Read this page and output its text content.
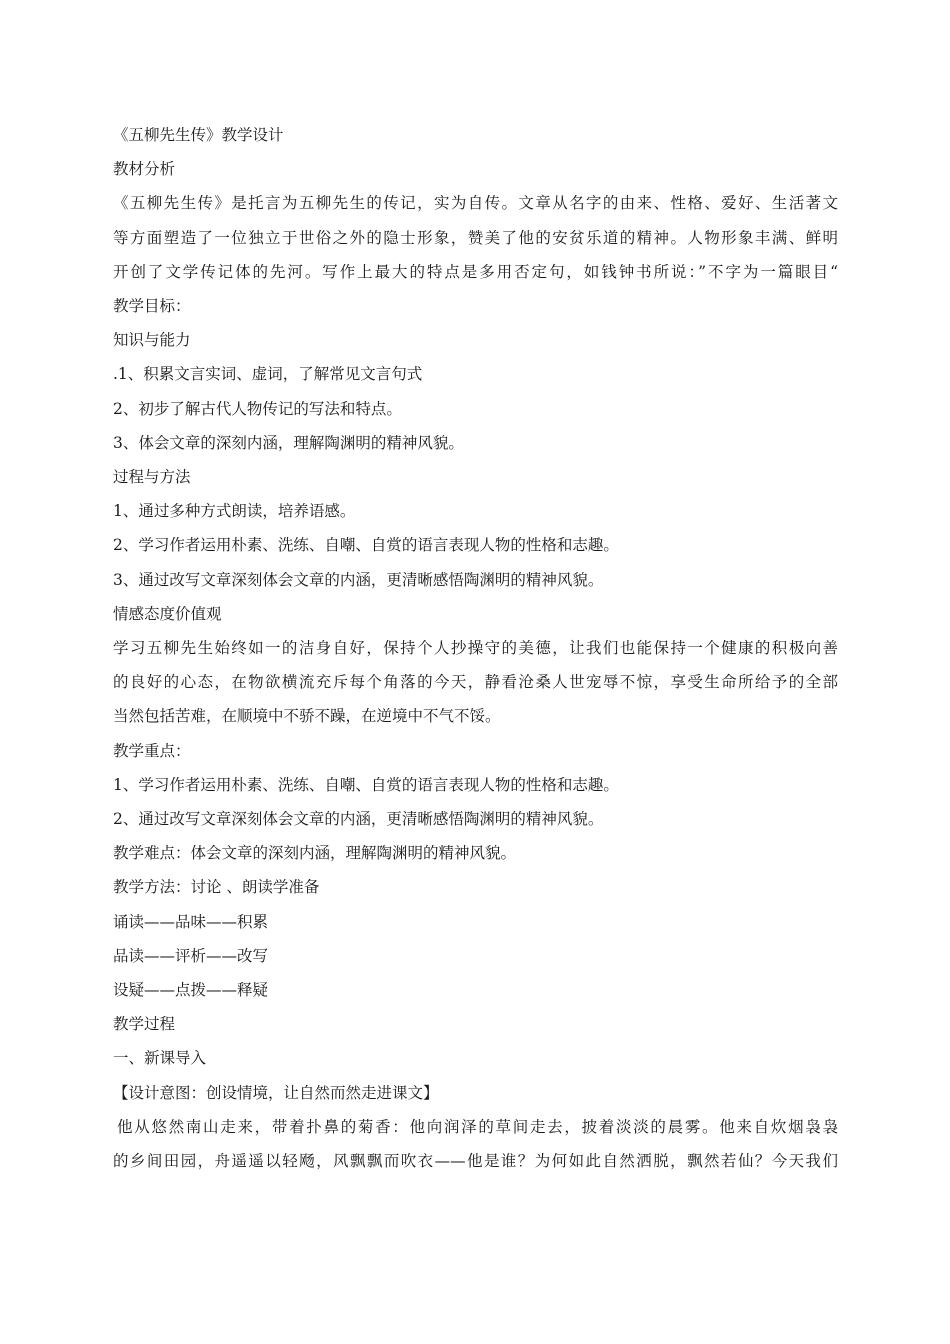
《五柳先生传》教学设计
教材分析
《五柳先生传》是托言为五柳先生的传记，实为自传。文章从名字的由来、性格、爱好、生活著文
等方面塑造了一位独立于世俗之外的隐士形象，赞美了他的安贫乐道的精神。人物形象丰满、鲜明
开创了文学传记体的先河。写作上最大的特点是多用否定句，如钱钟书所说：”不字为一篇眼目“
教学目标：
知识与能力
.1、积累文言实词、虚词，了解常见文言句式
2、初步了解古代人物传记的写法和特点。
3、体会文章的深刻内涵，理解陶渊明的精神风貌。
过程与方法
1、通过多种方式朗读，培养语感。
2、学习作者运用朴素、洗练、自嘲、自赏的语言表现人物的性格和志趣。
3、通过改写文章深刻体会文章的内涵，更清晰感悟陶渊明的精神风貌。
情感态度价值观
学习五柳先生始终如一的洁身自好，保持个人抄操守的美德，让我们也能保持一个健康的积极向善
的良好的心态，在物欲横流充斥每个角落的今天，静看沧桑人世宠辱不惊，享受生命所给予的全部
当然包括苦难，在顺境中不骄不躁，在逆境中不气不馁。
教学重点：
1、学习作者运用朴素、洗练、自嘲、自赏的语言表现人物的性格和志趣。
2、通过改写文章深刻体会文章的内涵，更清晰感悟陶渊明的精神风貌。
教学难点：体会文章的深刻内涵，理解陶渊明的精神风貌。
教学方法：讨论 、朗读学准备
诵读——品味——积累
品读——评析——改写
设疑——点拨——释疑
教学过程
一、新课导入
【设计意图：创设情境，让自然而然走进课文】
他从悠然南山走来，带着扑鼻的菊香：他向润泽的草间走去，披着淡淡的晨雾。他来自炊烟袅袅
的乡间田园，舟遥遥以轻飏，风飘飘而吹衣——他是谁？为何如此自然洒脱，飘然若仙？今天我们
